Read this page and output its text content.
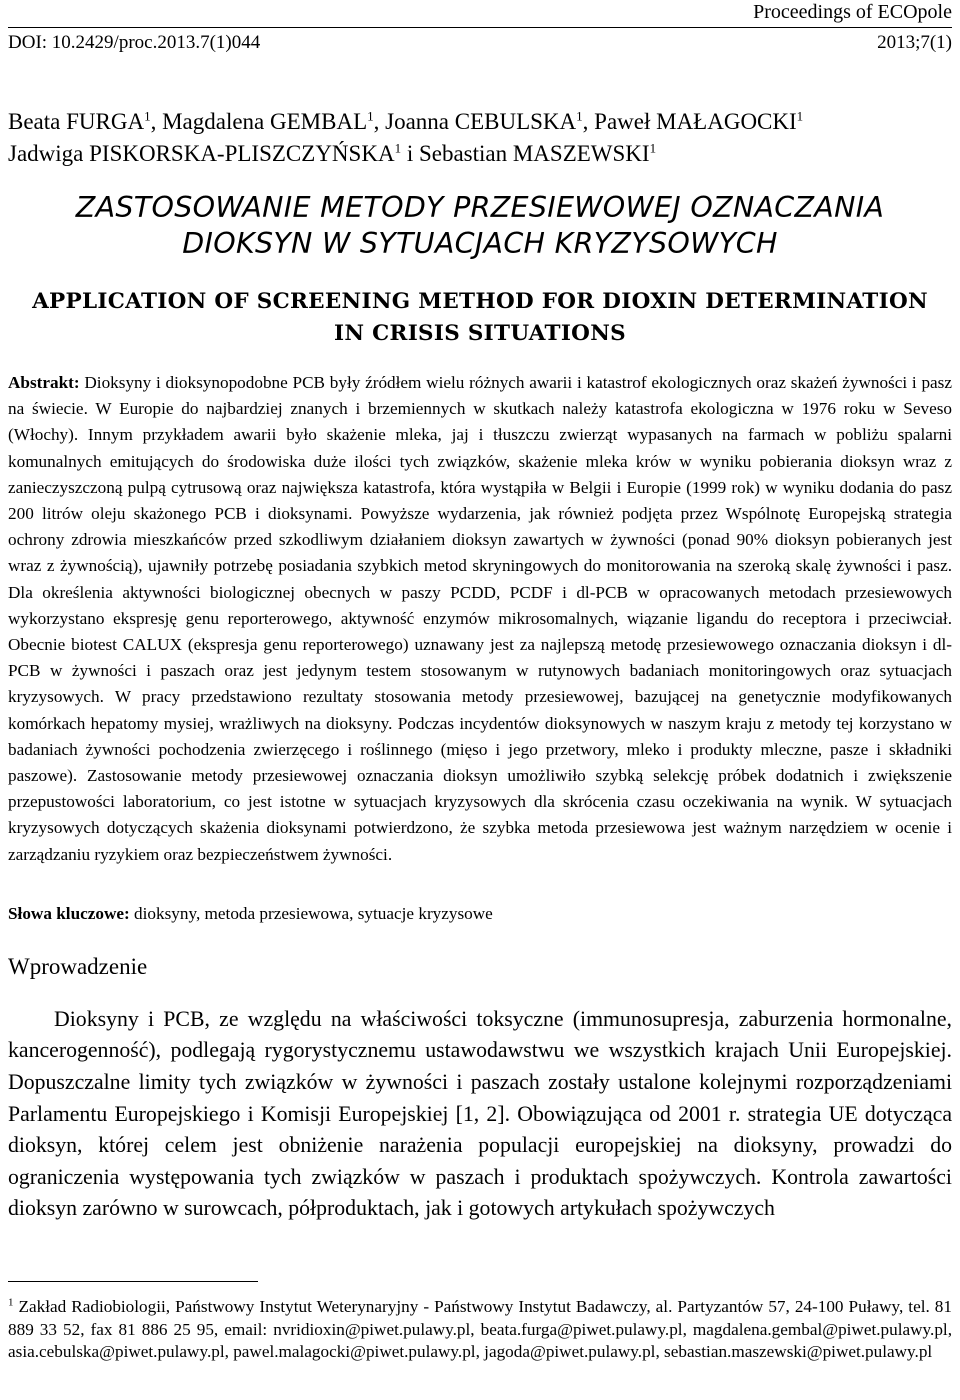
Proceedings of ECOpole
DOI: 10.2429/proc.2013.7(1)044	2013;7(1)
Beata FURGA$^1$, Magdalena GEMBAL$^1$, Joanna CEBULSKA$^1$, Paweł MAŁAGOCKI$^1$
Jadwiga PISKORSKA-PLISZCZYŃSKA$^1$ i Sebastian MASZEWSKI$^1$
ZASTOSOWANIE METODY PRZESIEWOWEJ OZNACZANIA
DIOKSYN W SYTUACJACH KRYZYSOWYCH
APPLICATION OF SCREENING METHOD FOR DIOXIN DETERMINATION
IN CRISIS SITUATIONS
Abstrakt: Dioksyny i dioksynopodobne PCB były źródłem wielu różnych awarii i katastrof ekologicznych oraz skażeń żywności i pasz na świecie. W Europie do najbardziej znanych i brzemiennych w skutkach należy katastrofa ekologiczna w 1976 roku w Seveso (Włochy). Innym przykładem awarii było skażenie mleka, jaj i tłuszczu zwierząt wypasanych na farmach w pobliżu spalarni komunalnych emitujących do środowiska duże ilości tych związków, skażenie mleka krów w wyniku pobierania dioksyn wraz z zanieczyszczoną pulpą cytrusową oraz największa katastrofa, która wystąpiła w Belgii i Europie (1999 rok) w wyniku dodania do pasz 200 litrów oleju skażonego PCB i dioksynami. Powyższe wydarzenia, jak również podjęta przez Wspólnotę Europejską strategia ochrony zdrowia mieszkańców przed szkodliwym działaniem dioksyn zawartych w żywności (ponad 90% dioksyn pobieranych jest wraz z żywnością), ujawniły potrzebę posiadania szybkich metod skryningowych do monitorowania na szeroką skalę żywności i pasz. Dla określenia aktywności biologicznej obecnych w paszy PCDD, PCDF i dl-PCB w opracowanych metodach przesiewowych wykorzystano ekspresję genu reporterowego, aktywność enzymów mikrosomalnych, wiązanie ligandu do receptora i przeciwciał. Obecnie biotest CALUX (ekspresja genu reporterowego) uznawany jest za najlepszą metodę przesiewowego oznaczania dioksyn i dl-PCB w żywności i paszach oraz jest jedynym testem stosowanym w rutynowych badaniach monitoringowych oraz sytuacjach kryzysowych. W pracy przedstawiono rezultaty stosowania metody przesiewowej, bazującej na genetycznie modyfikowanych komórkach hepatomy mysiej, wrażliwych na dioksyny. Podczas incydentów dioksynowych w naszym kraju z metody tej korzystano w badaniach żywności pochodzenia zwierzęcego i roślinnego (mięso i jego przetwory, mleko i produkty mleczne, pasze i składniki paszowe). Zastosowanie metody przesiewowej oznaczania dioksyn umożliwiło szybką selekcję próbek dodatnich i zwiększenie przepustowości laboratorium, co jest istotne w sytuacjach kryzysowych dla skrócenia czasu oczekiwania na wynik. W sytuacjach kryzysowych dotyczących skażenia dioksynami potwierdzono, że szybka metoda przesiewowa jest ważnym narzędziem w ocenie i zarządzaniu ryzykiem oraz bezpieczeństwem żywności.
Słowa kluczowe: dioksyny, metoda przesiewowa, sytuacje kryzysowe
Wprowadzenie
Dioksyny i PCB, ze względu na właściwości toksyczne (immunosupresja, zaburzenia hormonalne, kancerogenność), podlegają rygorystycznemu ustawodawstwu we wszystkich krajach Unii Europejskiej. Dopuszczalne limity tych związków w żywności i paszach zostały ustalone kolejnymi rozporządzeniami Parlamentu Europejskiego i Komisji Europejskiej [1, 2]. Obowiązująca od 2001 r. strategia UE dotycząca dioksyn, której celem jest obniżenie narażenia populacji europejskiej na dioksyny, prowadzi do ograniczenia występowania tych związków w paszach i produktach spożywczych. Kontrola zawartości dioksyn zarówno w surowcach, półproduktach, jak i gotowych artykułach spożywczych
$^1$ Zakład Radiobiologii, Państwowy Instytut Weterynaryjny - Państwowy Instytut Badawczy, al. Partyzantów 57, 24-100 Puławy, tel. 81 889 33 52, fax 81 886 25 95, email: nvridioxin@piwet.pulawy.pl, beata.furga@piwet.pulawy.pl, magdalena.gembal@piwet.pulawy.pl, asia.cebulska@piwet.pulawy.pl, pawel.malagocki@piwet.pulawy.pl, jagoda@piwet.pulawy.pl, sebastian.maszewski@piwet.pulawy.pl
